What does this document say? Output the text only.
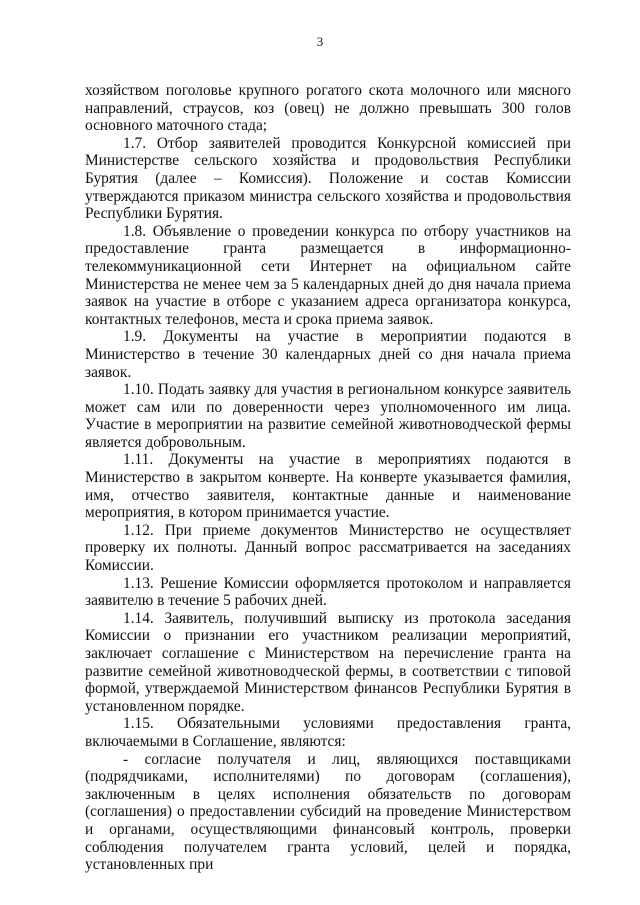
3

хозяйством поголовье крупного рогатого скота молочного или мясного направлений, страусов, коз (овец) не должно превышать 300 голов основного маточного стада;

1.7. Отбор заявителей проводится Конкурсной комиссией при Министерстве сельского хозяйства и продовольствия Республики Бурятия (далее – Комиссия). Положение и состав Комиссии утверждаются приказом министра сельского хозяйства и продовольствия Республики Бурятия.

1.8. Объявление о проведении конкурса по отбору участников на предоставление гранта размещается в информационно-телекоммуникационной сети Интернет на официальном сайте Министерства не менее чем за 5 календарных дней до дня начала приема заявок на участие в отборе с указанием адреса организатора конкурса, контактных телефонов, места и срока приема заявок.

1.9. Документы на участие в мероприятии подаются в Министерство в течение 30 календарных дней со дня начала приема заявок.

1.10. Подать заявку для участия в региональном конкурсе заявитель может сам или по доверенности через уполномоченного им лица. Участие в мероприятии на развитие семейной животноводческой фермы является добровольным.

1.11. Документы на участие в мероприятиях подаются в Министерство в закрытом конверте. На конверте указывается фамилия, имя, отчество заявителя, контактные данные и наименование мероприятия, в котором принимается участие.

1.12. При приеме документов Министерство не осуществляет проверку их полноты. Данный вопрос рассматривается на заседаниях Комиссии.

1.13. Решение Комиссии оформляется протоколом и направляется заявителю в течение 5 рабочих дней.

1.14. Заявитель, получивший выписку из протокола заседания Комиссии о признании его участником реализации мероприятий, заключает соглашение с Министерством на перечисление гранта на развитие семейной животноводческой фермы, в соответствии с типовой формой, утверждаемой Министерством финансов Республики Бурятия в установленном порядке.

1.15. Обязательными условиями предоставления гранта, включаемыми в Соглашение, являются:

- согласие получателя и лиц, являющихся поставщиками (подрядчиками, исполнителями) по договорам (соглашения), заключенным в целях исполнения обязательств по договорам (соглашения) о предоставлении субсидий на проведение Министерством и органами, осуществляющими финансовый контроль, проверки соблюдения получателем гранта условий, целей и порядка, установленных при
